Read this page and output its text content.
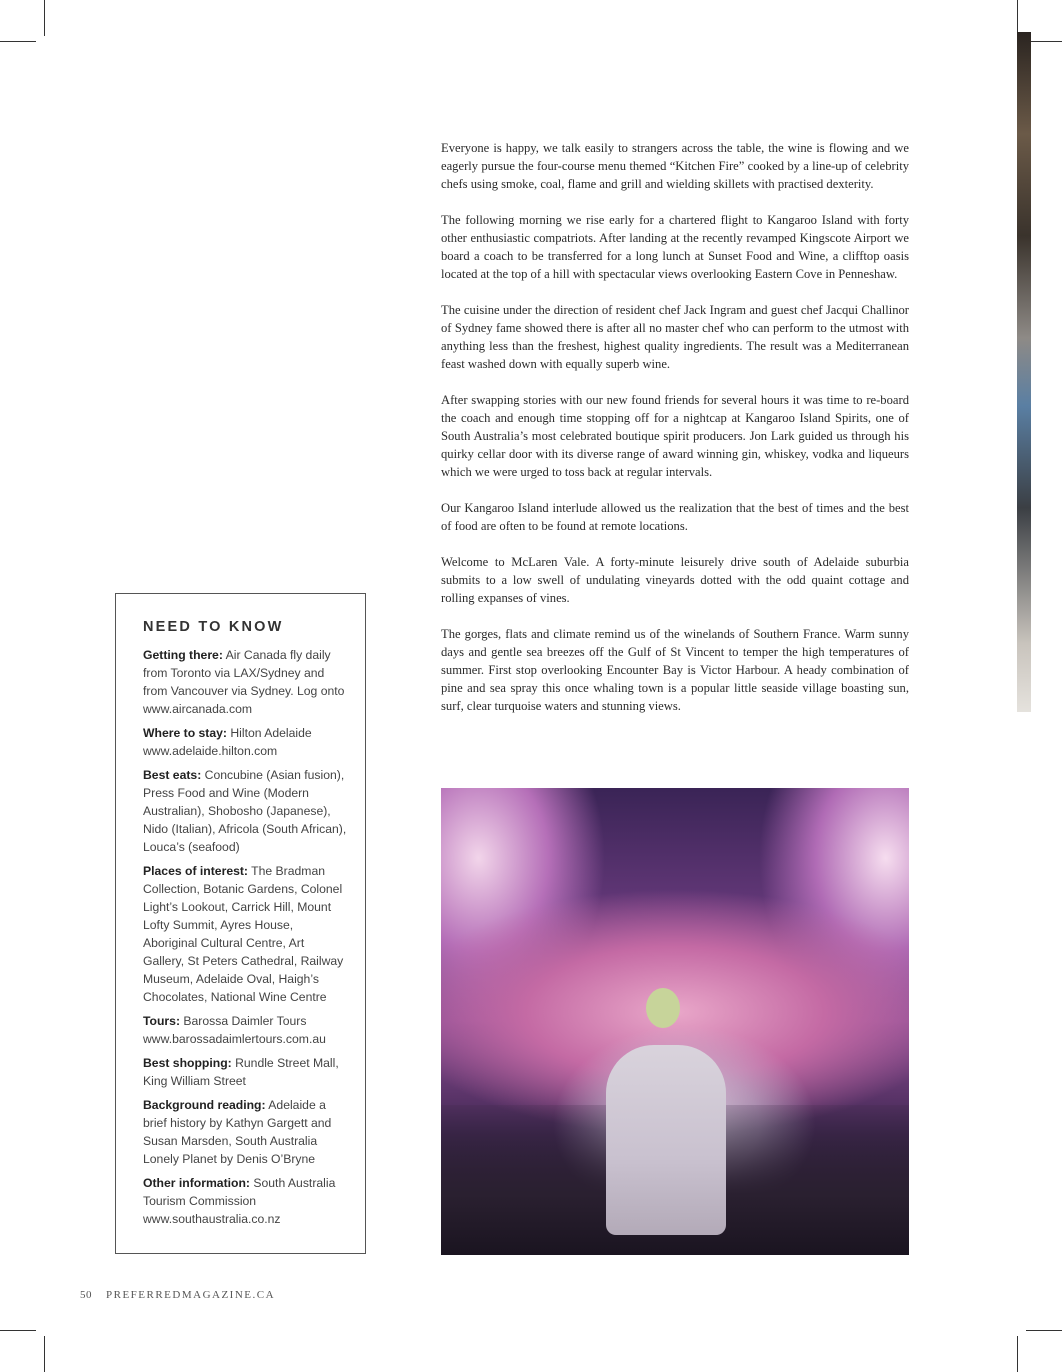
Everyone is happy, we talk easily to strangers across the table, the wine is flowing and we eagerly pursue the four-course menu themed “Kitchen Fire” cooked by a line-up of celebrity chefs using smoke, coal, flame and grill and wielding skillets with practised dexterity.

The following morning we rise early for a chartered flight to Kangaroo Island with forty other enthusiastic compatriots. After landing at the recently revamped Kingscote Airport we board a coach to be transferred for a long lunch at Sunset Food and Wine, a clifftop oasis located at the top of a hill with spectacular views overlooking Eastern Cove in Penneshaw.

The cuisine under the direction of resident chef Jack Ingram and guest chef Jacqui Challinor of Sydney fame showed there is after all no master chef who can perform to the utmost with anything less than the freshest, highest quality ingredients. The result was a Mediterranean feast washed down with equally superb wine.

After swapping stories with our new found friends for several hours it was time to re-board the coach and enough time stopping off for a nightcap at Kangaroo Island Spirits, one of South Australia’s most celebrated boutique spirit producers. Jon Lark guided us through his quirky cellar door with its diverse range of award winning gin, whiskey, vodka and liqueurs which we were urged to toss back at regular intervals.

Our Kangaroo Island interlude allowed us the realization that the best of times and the best of food are often to be found at remote locations.

Welcome to McLaren Vale. A forty-minute leisurely drive south of Adelaide suburbia submits to a low swell of undulating vineyards dotted with the odd quaint cottage and rolling expanses of vines.

The gorges, flats and climate remind us of the winelands of Southern France. Warm sunny days and gentle sea breezes off the Gulf of St Vincent to temper the high temperatures of summer. First stop overlooking Encounter Bay is Victor Harbour. A heady combination of pine and sea spray this once whaling town is a popular little seaside village boasting sun, surf, clear turquoise waters and stunning views.

NEED TO KNOW
Getting there: Air Canada fly daily from Toronto via LAX/Sydney and from Vancouver via Sydney. Log onto www.aircanada.com
Where to stay: Hilton Adelaide www.adelaide.hilton.com
Best eats: Concubine (Asian fusion), Press Food and Wine (Modern Australian), Shobosho (Japanese), Nido (Italian), Africola (South African), Louca’s (seafood)
Places of interest: The Bradman Collection, Botanic Gardens, Colonel Light’s Lookout, Carrick Hill, Mount Lofty Summit, Ayres House, Aboriginal Cultural Centre, Art Gallery, St Peters Cathedral, Railway Museum, Adelaide Oval, Haigh’s Chocolates, National Wine Centre
Tours: Barossa Daimler Tours www.barossadaimlertours.com.au
Best shopping: Rundle Street Mall, King William Street
Background reading: Adelaide a brief history by Kathyn Gargett and Susan Marsden, South Australia Lonely Planet by Denis O’Bryne
Other information: South Australia Tourism Commission www.southaustralia.co.nz
50 PREFERREDMAGAZINE.CA
